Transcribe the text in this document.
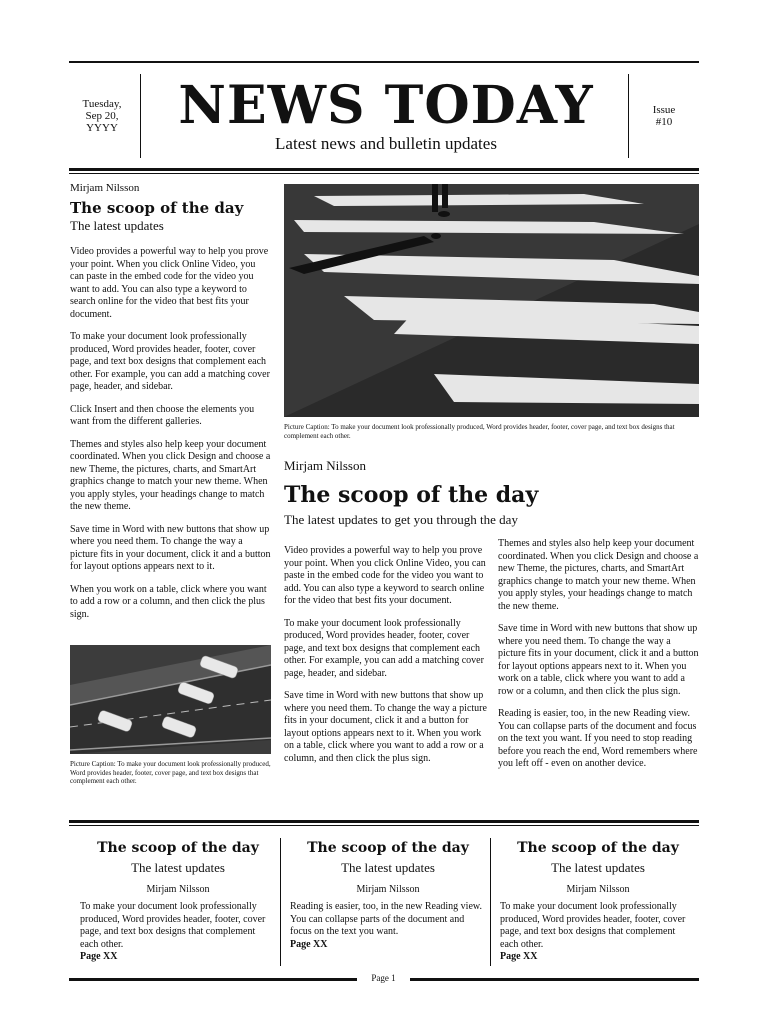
Tuesday,
Sep 20,
YYYY	NEWS TODAY
Latest news and bulletin updates
Issue
#10
Mirjam Nilsson
The scoop of the day
The latest updates

Video provides a powerful way to help you prove your point. When you click Online Video, you can paste in the embed code for the video you want to add. You can also type a keyword to search online for the video that best fits your document.

To make your document look professionally produced, Word provides header, footer, cover page, and text box designs that complement each other. For example, you can add a matching cover page, header, and sidebar.

Click Insert and then choose the elements you want from the different galleries.

Themes and styles also help keep your document coordinated. When you click Design and choose a new Theme, the pictures, charts, and SmartArt graphics change to match your new theme. When you apply styles, your headings change to match the new theme.

Save time in Word with new buttons that show up where you need them. To change the way a picture fits in your document, click it and a button for layout options appears next to it.

When you work on a table, click where you want to add a row or a column, and then click the plus sign.

Picture Caption: To make your document look professionally produced, Word provides header, footer, cover page, and text box designs that complement each other.
Picture Caption: To make your document look professionally produced, Word provides header, footer, cover page, and text box designs that complement each other.
Mirjam Nilsson
The scoop of the day
The latest updates to get you through the day

Video provides a powerful way to help you prove your point. When you click Online Video, you can paste in the embed code for the video you want to add. You can also type a keyword to search online for the video that best fits your document.

To make your document look professionally produced, Word provides header, footer, cover page, and text box designs that complement each other. For example, you can add a matching cover page, header, and sidebar.

Save time in Word with new buttons that show up where you need them. To change the way a picture fits in your document, click it and a button for layout options appears next to it. When you work on a table, click where you want to add a row or a column, and then click the plus sign.

Themes and styles also help keep your document coordinated. When you click Design and choose a new Theme, the pictures, charts, and SmartArt graphics change to match your new theme. When you apply styles, your headings change to match the new theme.

Save time in Word with new buttons that show up where you need them. To change the way a picture fits in your document, click it and a button for layout options appears next to it. When you work on a table, click where you want to add a row or a column, and then click the plus sign.

Reading is easier, too, in the new Reading view. You can collapse parts of the document and focus on the text you want. If you need to stop reading before you reach the end, Word remembers where you left off - even on another device.

The scoop of the day
The latest updates
Mirjam Nilsson
To make your document look professionally produced, Word provides header, footer, cover page, and text box designs that complement each other.
Page XX
The scoop of the day
The latest updates
Mirjam Nilsson
Reading is easier, too, in the new Reading view. You can collapse parts of the document and focus on the text you want.
Page XX
The scoop of the day
The latest updates
Mirjam Nilsson
To make your document look professionally produced, Word provides header, footer, cover page, and text box designs that complement each other.
Page XX
Page 1
